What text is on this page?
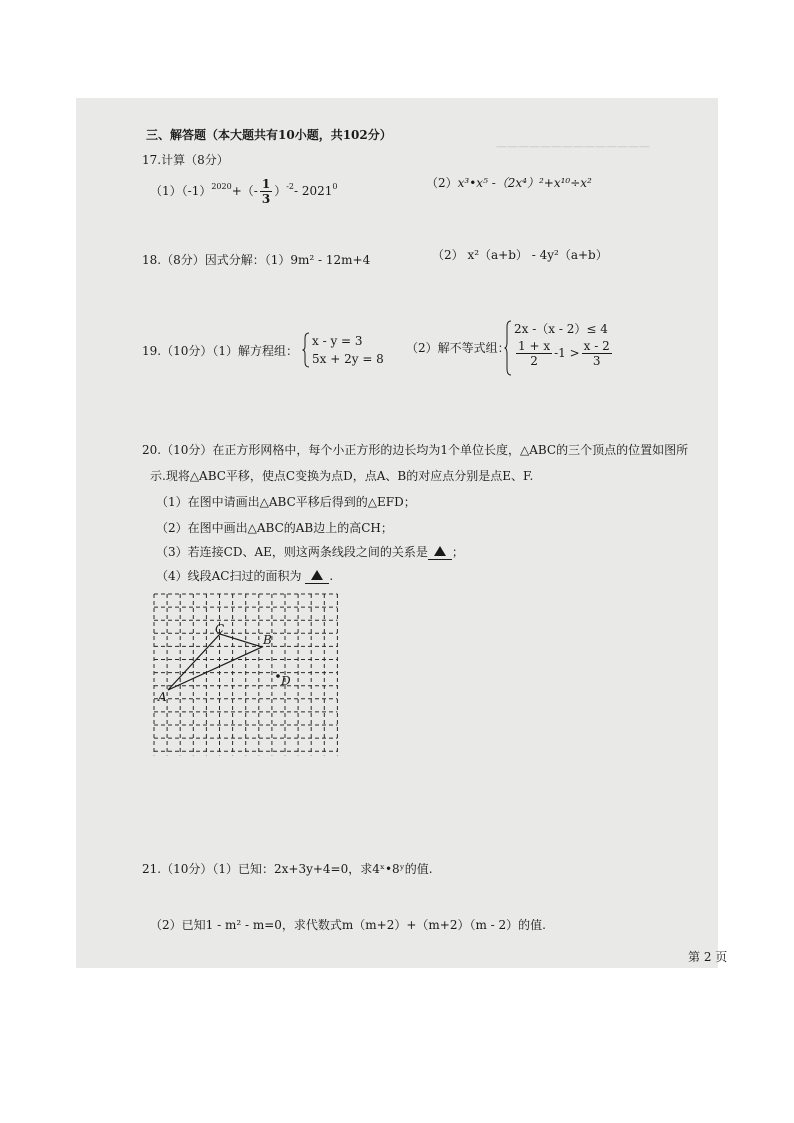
——————————————
三、解答题（本大题共有10小题，共102分）
17.计算（8分）
$(1)(-1)^{2020}+(- \frac{1}{3} )^{-2}-$ 2021$^0$	（2）x³•x⁵ -（2x⁴）²+x¹⁰÷x²
18.（8分）因式分解：（1）9m² - 12m+4	（2） x²（a+b） - 4y²（a+b）
19.（10分）（1）解方程组：
x - y = 3
5x + 2y = 8
（2）解不等式组：
2x -（x - 2）≤ 4
$\frac{1 + x}{2} -1 > \frac{x - 2}{3}$
20.（10分）在正方形网格中，每个小正方形的边长均为1个单位长度，△ABC的三个顶点的位置如图所
示.现将△ABC平移，使点C变换为点D，点A、B的对应点分别是点E、F.
（1）在图中请画出△ABC平移后得到的△EFD；
（2）在图中画出△ABC的AB边上的高CH；
（3）若连接CD、AE，则这两条线段之间的关系是 ；
（4）线段AC扫过的面积为 .
A
C
B
D
21.（10分）（1）已知：2x+3y+4=0，求4ˣ•8ʸ的值.
（2）已知1 - m² - m=0，求代数式m（m+2）+（m+2）（m - 2）的值.
第 2 页
